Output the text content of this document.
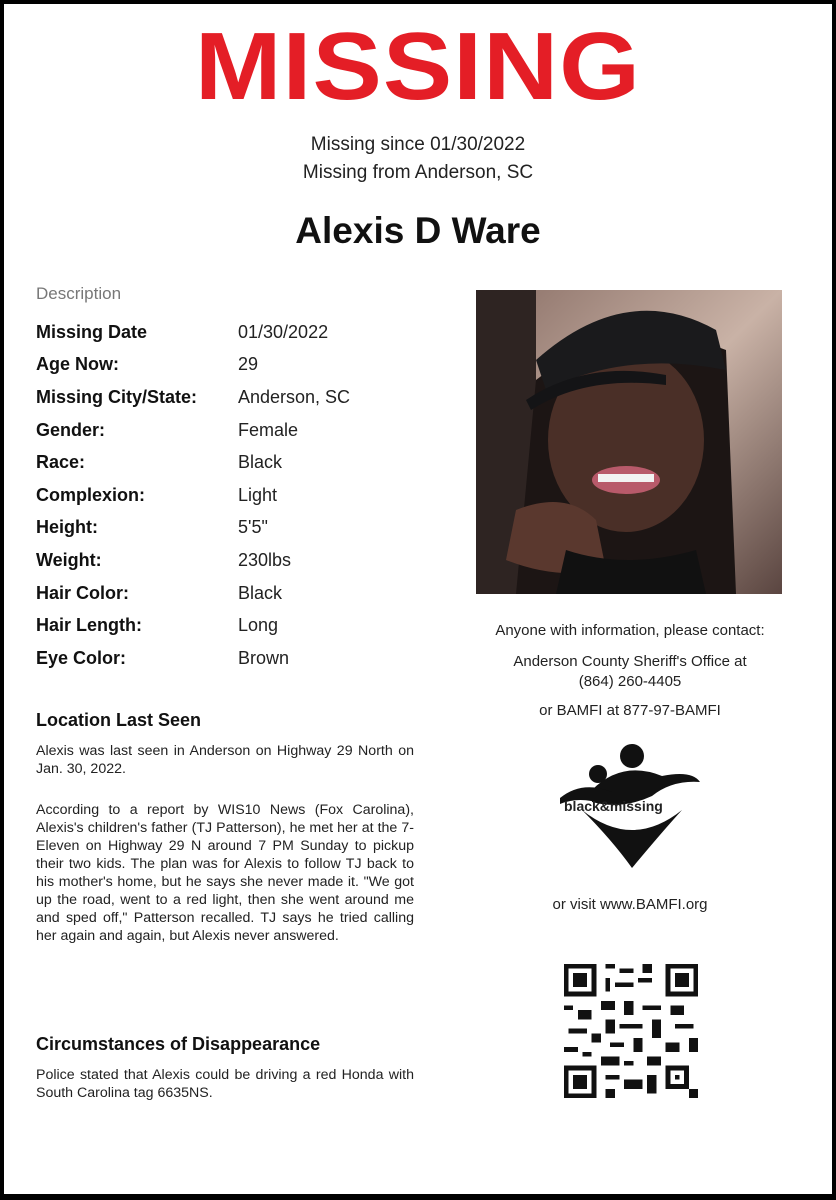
MISSING
Missing since 01/30/2022
Missing from Anderson, SC
Alexis D Ware
Description
Missing Date	01/30/2022
Age Now:	29
Missing City/State:	Anderson, SC
Gender:	Female
Race:	Black
Complexion:	Light
Height:	5'5"
Weight:	230lbs
Hair Color:	Black
Hair Length:	Long
Eye Color:	Brown
Anyone with information, please contact:
Anderson County Sheriff's Office at
(864) 260-4405
or BAMFI at 877-97-BAMFI
black&missing
or visit www.BAMFI.org
Location Last Seen
Alexis was last seen in Anderson on Highway 29 North on Jan. 30, 2022.
According to a report by WIS10 News (Fox Carolina), Alexis's children's father (TJ Patterson), he met her at the 7-Eleven on Highway 29 N around 7 PM Sunday to pickup their two kids. The plan was for Alexis to follow TJ back to his mother's home, but he says she never made it. "We got up the road, went to a red light, then she went around me and sped off," Patterson recalled. TJ says he tried calling her again and again, but Alexis never answered.
Circumstances of Disappearance
Police stated that Alexis could be driving a red Honda with South Carolina tag 6635NS.
